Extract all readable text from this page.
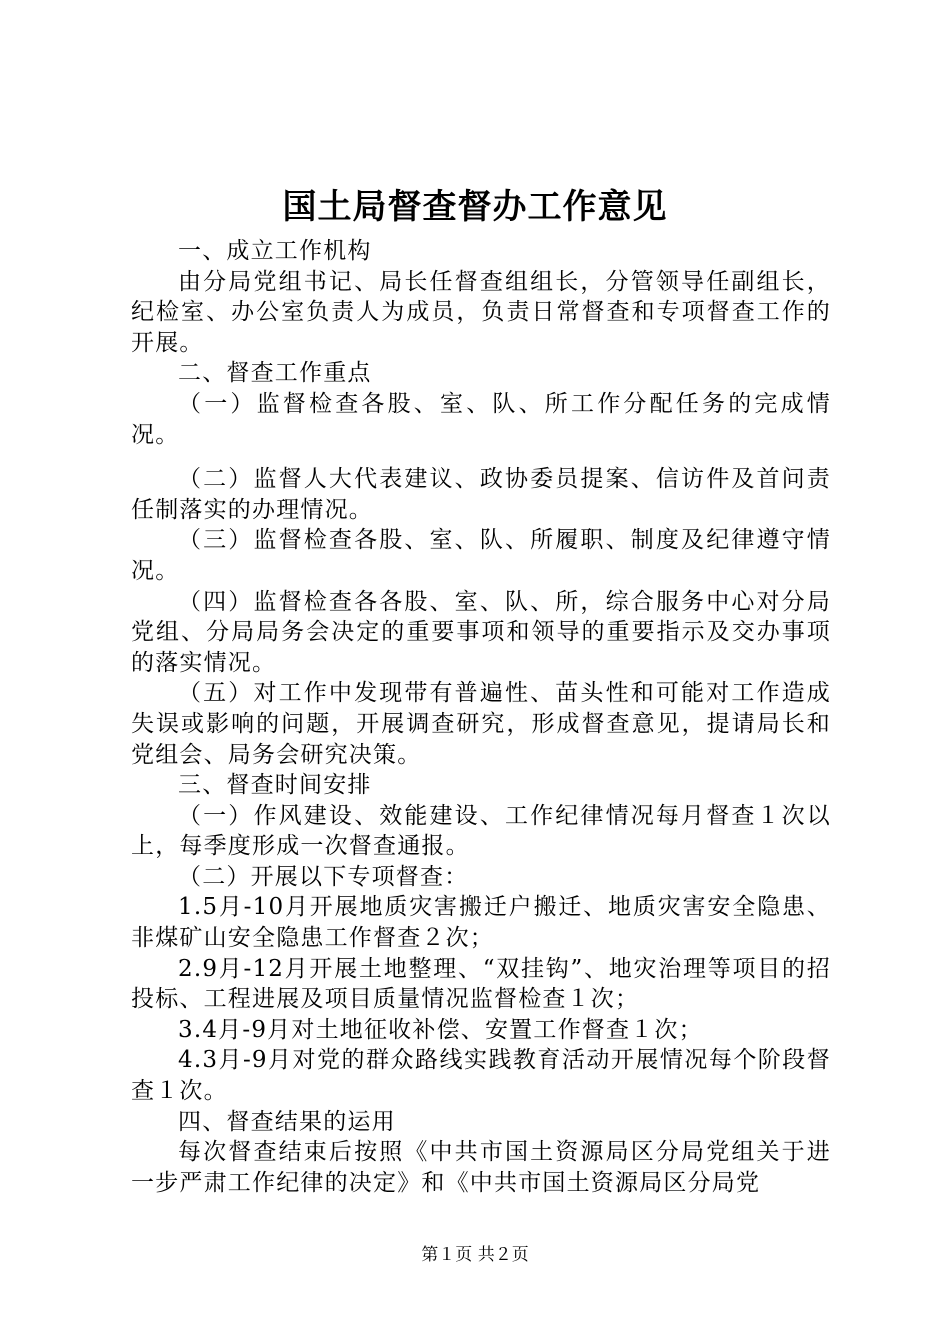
国土局督查督办工作意见

一、成立工作机构

由分局党组书记、局长任督查组组长，分管领导任副组长，纪检室、办公室负责人为成员，负责日常督查和专项督查工作的开展。

二、督查工作重点

（一）监督检查各股、室、队、所工作分配任务的完成情况。

（二）监督人大代表建议、政协委员提案、信访件及首问责任制落实的办理情况。

（三）监督检查各股、室、队、所履职、制度及纪律遵守情况。

（四）监督检查各各股、室、队、所，综合服务中心对分局党组、分局局务会决定的重要事项和领导的重要指示及交办事项的落实情况。

（五）对工作中发现带有普遍性、苗头性和可能对工作造成失误或影响的问题，开展调查研究，形成督查意见，提请局长和党组会、局务会研究决策。

三、督查时间安排

（一）作风建设、效能建设、工作纪律情况每月督查１次以上，每季度形成一次督查通报。

（二）开展以下专项督查：

1.5月-10月开展地质灾害搬迁户搬迁、地质灾害安全隐患、非煤矿山安全隐患工作督查２次；

2.9月-12月开展土地整理、“双挂钩”、地灾治理等项目的招投标、工程进展及项目质量情况监督检查１次；

3.4月-9月对土地征收补偿、安置工作督查１次；

4.3月-9月对党的群众路线实践教育活动开展情况每个阶段督查１次。

四、督查结果的运用

每次督查结束后按照《中共市国土资源局区分局党组关于进一步严肃工作纪律的决定》和《中共市国土资源局区分局党

第１页 共２页
